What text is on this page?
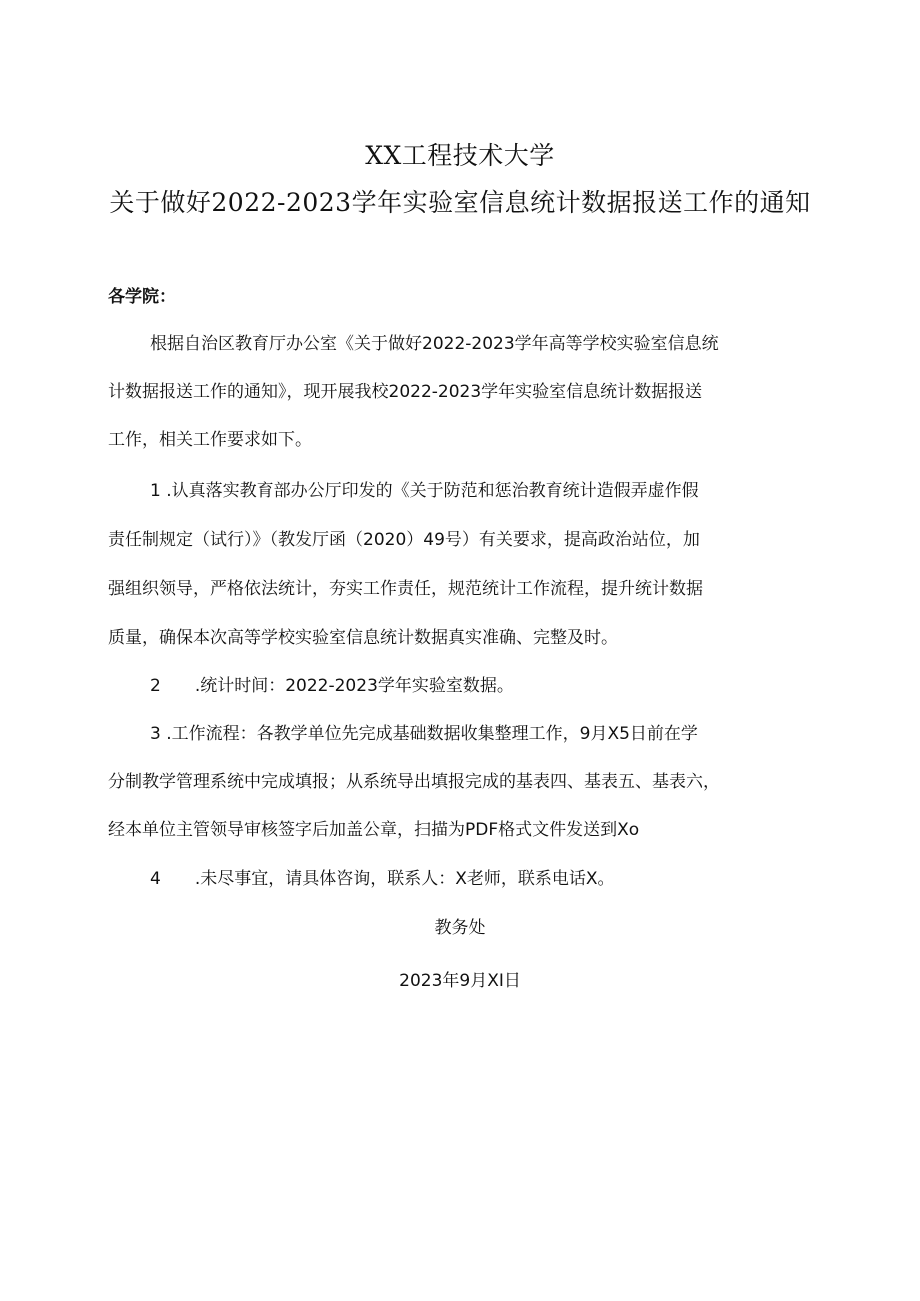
XX工程技术大学
关于做好2022-2023学年实验室信息统计数据报送工作的通知
各学院：
根据自治区教育厅办公室《关于做好2022-2023学年高等学校实验室信息统
计数据报送工作的通知》，现开展我校2022-2023学年实验室信息统计数据报送
工作，相关工作要求如下。
1 .认真落实教育部办公厅印发的《关于防范和惩治教育统计造假弄虚作假
责任制规定（试行）》（教发厅函（2020）49号）有关要求，提高政治站位，加
强组织领导，严格依法统计，夯实工作责任，规范统计工作流程，提升统计数据
质量，确保本次高等学校实验室信息统计数据真实准确、完整及时。
2　　.统计时间：2022-2023学年实验室数据。
3 .工作流程：各教学单位先完成基础数据收集整理工作，9月X5日前在学
分制教学管理系统中完成填报；从系统导出填报完成的基表四、基表五、基表六，
经本单位主管领导审核签字后加盖公章，扫描为PDF格式文件发送到Xo
4　　.未尽事宜，请具体咨询，联系人：X老师，联系电话X。
教务处
2023年9月XI日
